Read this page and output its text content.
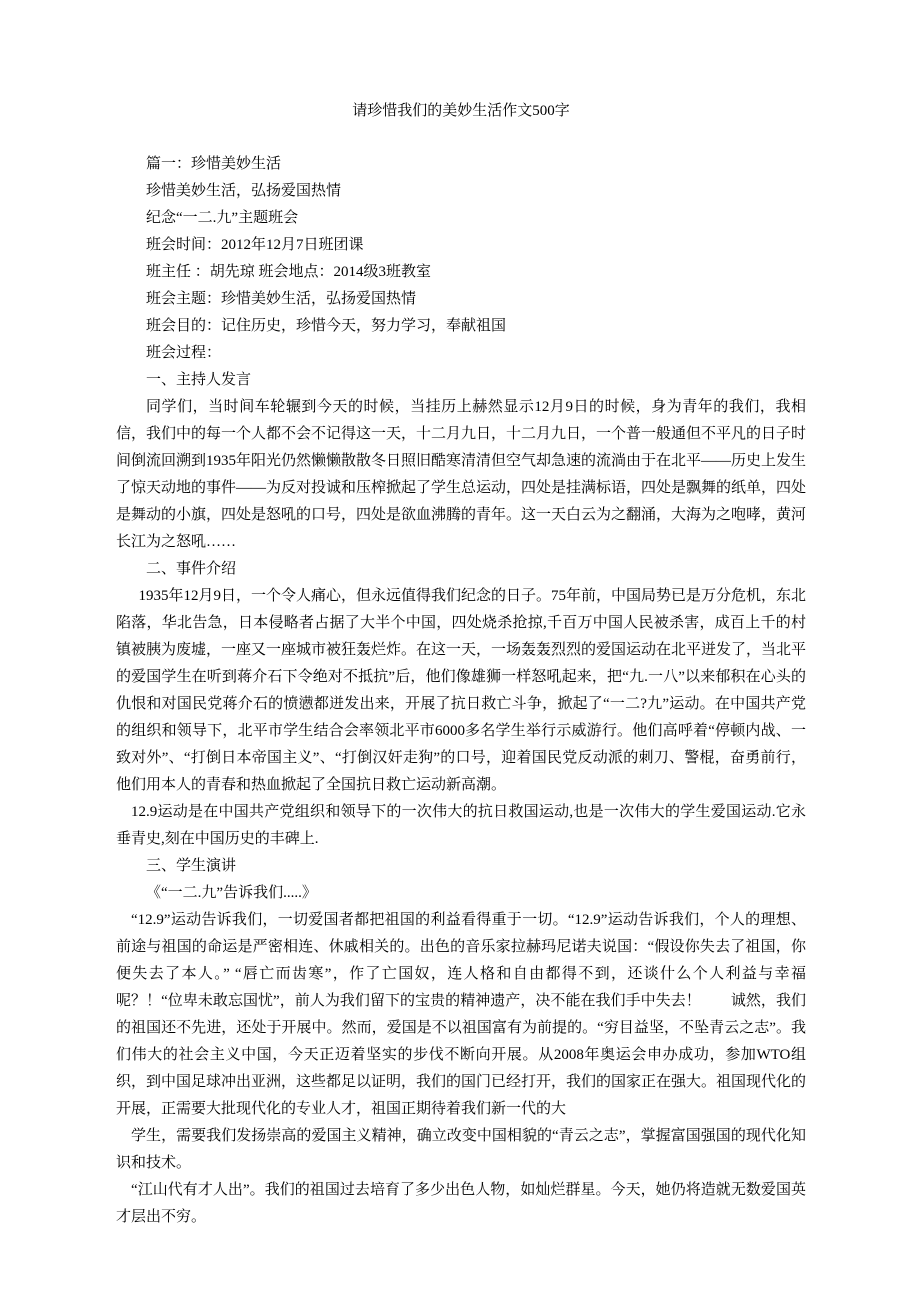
请珍惜我们的美妙生活作文500字

篇一：珍惜美妙生活

珍惜美妙生活，弘扬爱国热情

纪念“一二.九”主题班会

班会时间：2012年12月7日班团课

班主任 ：胡先琼 班会地点：2014级3班教室

班会主题：珍惜美妙生活，弘扬爱国热情

班会目的：记住历史，珍惜今天，努力学习，奉献祖国

班会过程：

一、主持人发言

同学们，当时间车轮辗到今天的时候，当挂历上赫然显示12月9日的时候，身为青年的我们，我相信，我们中的每一个人都不会不记得这一天，十二月九日，十二月九日，一个普一般通但不平凡的日子时间倒流回溯到1935年阳光仍然懒懒散散冬日照旧酷寒清清但空气却急速的流淌由于在北平——历史上发生了惊天动地的事件——为反对投诚和压榨掀起了学生总运动，四处是挂满标语，四处是飘舞的纸单，四处是舞动的小旗，四处是怒吼的口号，四处是欲血沸腾的青年。这一天白云为之翻涌，大海为之咆哮，黄河长江为之怒吼……

二、事件介绍

1935年12月9日，一个令人痛心，但永远值得我们纪念的日子。75年前，中国局势已是万分危机，东北陷落，华北告急，日本侵略者占据了大半个中国，四处烧杀抢掠,千百万中国人民被杀害，成百上千的村镇被胰为废墟，一座又一座城市被狂轰烂炸。在这一天，一场轰轰烈烈的爱国运动在北平迸发了，当北平的爱国学生在听到蒋介石下令绝对不抵抗”后，他们像雄狮一样怒吼起来，把“九.一八”以来郁积在心头的仇恨和对国民党蒋介石的愤懑都迸发出来，开展了抗日救亡斗争，掀起了“一二?九”运动。在中国共产党的组织和领导下，北平市学生结合会率领北平市6000多名学生举行示威游行。他们高呼着“停顿内战、一致对外”、“打倒日本帝国主义”、“打倒汉奸走狗”的口号，迎着国民党反动派的刺刀、警棍，奋勇前行，他们用本人的青春和热血掀起了全国抗日救亡运动新高潮。

12.9运动是在中国共产党组织和领导下的一次伟大的抗日救国运动,也是一次伟大的学生爱国运动.它永垂青史,刻在中国历史的丰碑上.

三、学生演讲

《“一二.九”告诉我们.....》

“12.9”运动告诉我们，一切爱国者都把祖国的利益看得重于一切。“12.9”运动告诉我们，个人的理想、前途与祖国的命运是严密相连、休戚相关的。出色的音乐家拉赫玛尼诺夫说国：“假设你失去了祖国，你便失去了本人。” “唇亡而齿寒”，作了亡国奴，连人格和自由都得不到，还谈什么个人利益与幸福呢？！“位卑未敢忘国忧”，前人为我们留下的宝贵的精神遗产，决不能在我们手中失去！　　诚然，我们的祖国还不先进，还处于开展中。然而，爱国是不以祖国富有为前提的。“穷目益坚，不坠青云之志”。我们伟大的社会主义中国，今天正迈着坚实的步伐不断向开展。从2008年奥运会申办成功，参加WTO组织，到中国足球冲出亚洲，这些都足以证明，我们的国门已经打开，我们的国家正在强大。祖国现代化的开展，正需要大批现代化的专业人才，祖国正期待着我们新一代的大

学生，需要我们发扬崇高的爱国主义精神，确立改变中国相貌的“青云之志”，掌握富国强国的现代化知识和技术。

“江山代有才人出”。我们的祖国过去培育了多少出色人物，如灿烂群星。今天，她仍将造就无数爱国英才层出不穷。
